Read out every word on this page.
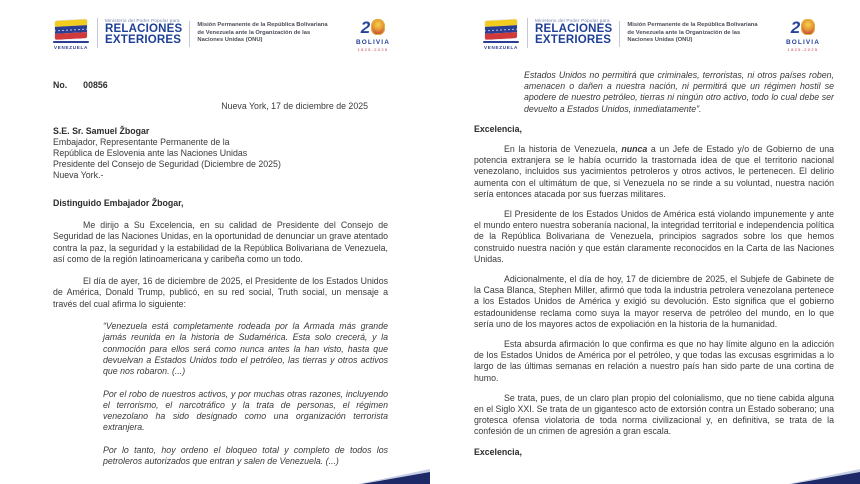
VENEZUELA
Ministerio del Poder Popular para
RELACIONES
EXTERIORES
Misión Permanente de la República Bolivariana
de Venezuela ante la Organización de las
Naciones Unidas (ONU)
2
BOLIVIA
1825-2025
No. 00856
Nueva York, 17 de diciembre de 2025
S.E. Sr. Samuel Žbogar
Embajador, Representante Permanente de la
República de Eslovenia ante las Naciones Unidas
Presidente del Consejo de Seguridad (Diciembre de 2025)
Nueva York.-
Distinguido Embajador Žbogar,

Me dirijo a Su Excelencia, en su calidad de Presidente del Consejo de Seguridad de las Naciones Unidas, en la oportunidad de denunciar un grave atentado contra la paz, la seguridad y la estabilidad de la República Bolivariana de Venezuela, así como de la región latinoamericana y caribeña como un todo.

El día de ayer, 16 de diciembre de 2025, el Presidente de los Estados Unidos de América, Donald Trump, publicó, en su red social, Truth social, un mensaje a través del cual afirma lo siguiente:

“Venezuela está completamente rodeada por la Armada más grande jamás reunida en la historia de Sudamérica. Esta solo crecerá, y la conmoción para ellos será como nunca antes la han visto, hasta que devuelvan a Estados Unidos todo el petróleo, las tierras y otros activos que nos robaron. (...)

Por el robo de nuestros activos, y por muchas otras razones, incluyendo el terrorismo, el narcotráfico y la trata de personas, el régimen venezolano ha sido designado como una organización terrorista extranjera.

Por lo tanto, hoy ordeno el bloqueo total y completo de todos los petroleros autorizados que entran y salen de Venezuela. (...)

VENEZUELA
Ministerio del Poder Popular para
RELACIONES
EXTERIORES
Misión Permanente de la República Bolivariana
de Venezuela ante la Organización de las
Naciones Unidas (ONU)
2
BOLIVIA
1825-2025

Estados Unidos no permitirá que criminales, terroristas, ni otros países roben, amenacen o dañen a nuestra nación, ni permitirá que un régimen hostil se apodere de nuestro petróleo, tierras ni ningún otro activo, todo lo cual debe ser devuelto a Estados Unidos, inmediatamente”.

Excelencia,

En la historia de Venezuela, nunca a un Jefe de Estado y/o de Gobierno de una potencia extranjera se le había ocurrido la trastornada idea de que el territorio nacional venezolano, incluidos sus yacimientos petroleros y otros activos, le pertenecen. El delirio aumenta con el ultimátum de que, si Venezuela no se rinde a su voluntad, nuestra nación sería entonces atacada por sus fuerzas militares.

El Presidente de los Estados Unidos de América está violando impunemente y ante el mundo entero nuestra soberanía nacional, la integridad territorial e independencia política de la República Bolivariana de Venezuela, principios sagrados sobre los que hemos construido nuestra nación y que están claramente reconocidos en la Carta de las Naciones Unidas.

Adicionalmente, el día de hoy, 17 de diciembre de 2025, el Subjefe de Gabinete de la Casa Blanca, Stephen Miller, afirmó que toda la industria petrolera venezolana pertenece a los Estados Unidos de América y exigió su devolución. Esto significa que el gobierno estadounidense reclama como suya la mayor reserva de petróleo del mundo, en lo que sería uno de los mayores actos de expoliación en la historia de la humanidad.

Esta absurda afirmación lo que confirma es que no hay límite alguno en la adicción de los Estados Unidos de América por el petróleo, y que todas las excusas esgrimidas a lo largo de las últimas semanas en relación a nuestro país han sido parte de una cortina de humo.

Se trata, pues, de un claro plan propio del colonialismo, que no tiene cabida alguna en el Siglo XXI. Se trata de un gigantesco acto de extorsión contra un Estado soberano; una grotesca ofensa violatoria de toda norma civilizacional y, en definitiva, se trata de la confesión de un crimen de agresión a gran escala.

Excelencia,
